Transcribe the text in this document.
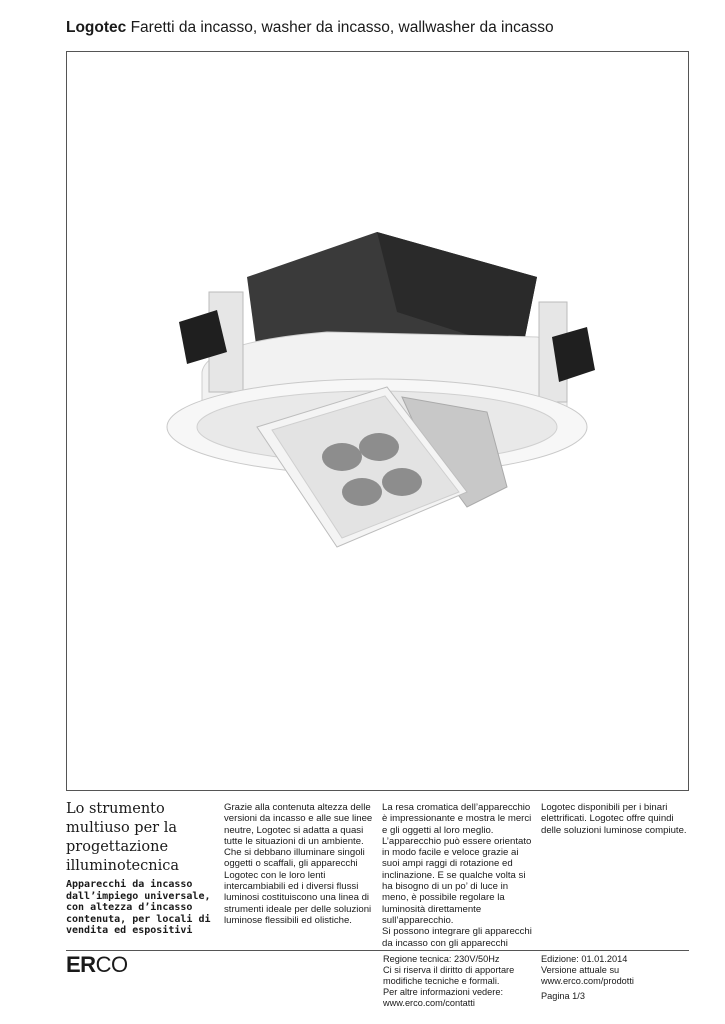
Logotec Faretti da incasso, washer da incasso, wallwasher da incasso
Lo strumento multiuso per la progettazione illuminotecnica
Apparecchi da incasso dall’impiego universale, con altezza d’incasso contenuta, per locali di vendita ed espositivi

Grazie alla contenuta altezza delle versioni da incasso e alle sue linee neutre, Logotec si adatta a quasi tutte le situazioni di un ambiente. Che si debbano illuminare singoli oggetti o scaffali, gli apparecchi Logotec con le loro lenti intercambiabili ed i diversi flussi luminosi costituiscono una linea di strumenti ideale per delle soluzioni luminose flessibili ed olistiche.

La resa cromatica dell’apparecchio è impressionante e mostra le merci e gli oggetti al loro meglio. L’apparecchio può essere orientato in modo facile e veloce grazie ai suoi ampi raggi di rotazione ed inclinazione. E se qualche volta si ha bisogno di un po’ di luce in meno, è possibile regolare la luminosità direttamente sull’apparecchio.

Si possono integrare gli apparecchi da incasso con gli apparecchi

Logotec disponibili per i binari elettrificati. Logotec offre quindi delle soluzioni luminose compiute.

ERCO	Regione tecnica: 230V/50Hz

Ci si riserva il diritto di apportare

modifiche tecniche e formali.

Per altre informazioni vedere:

www.erco.com/contatti

Edizione: 01.01.2014

Versione attuale su

www.erco.com/prodotti

Pagina 1/3
